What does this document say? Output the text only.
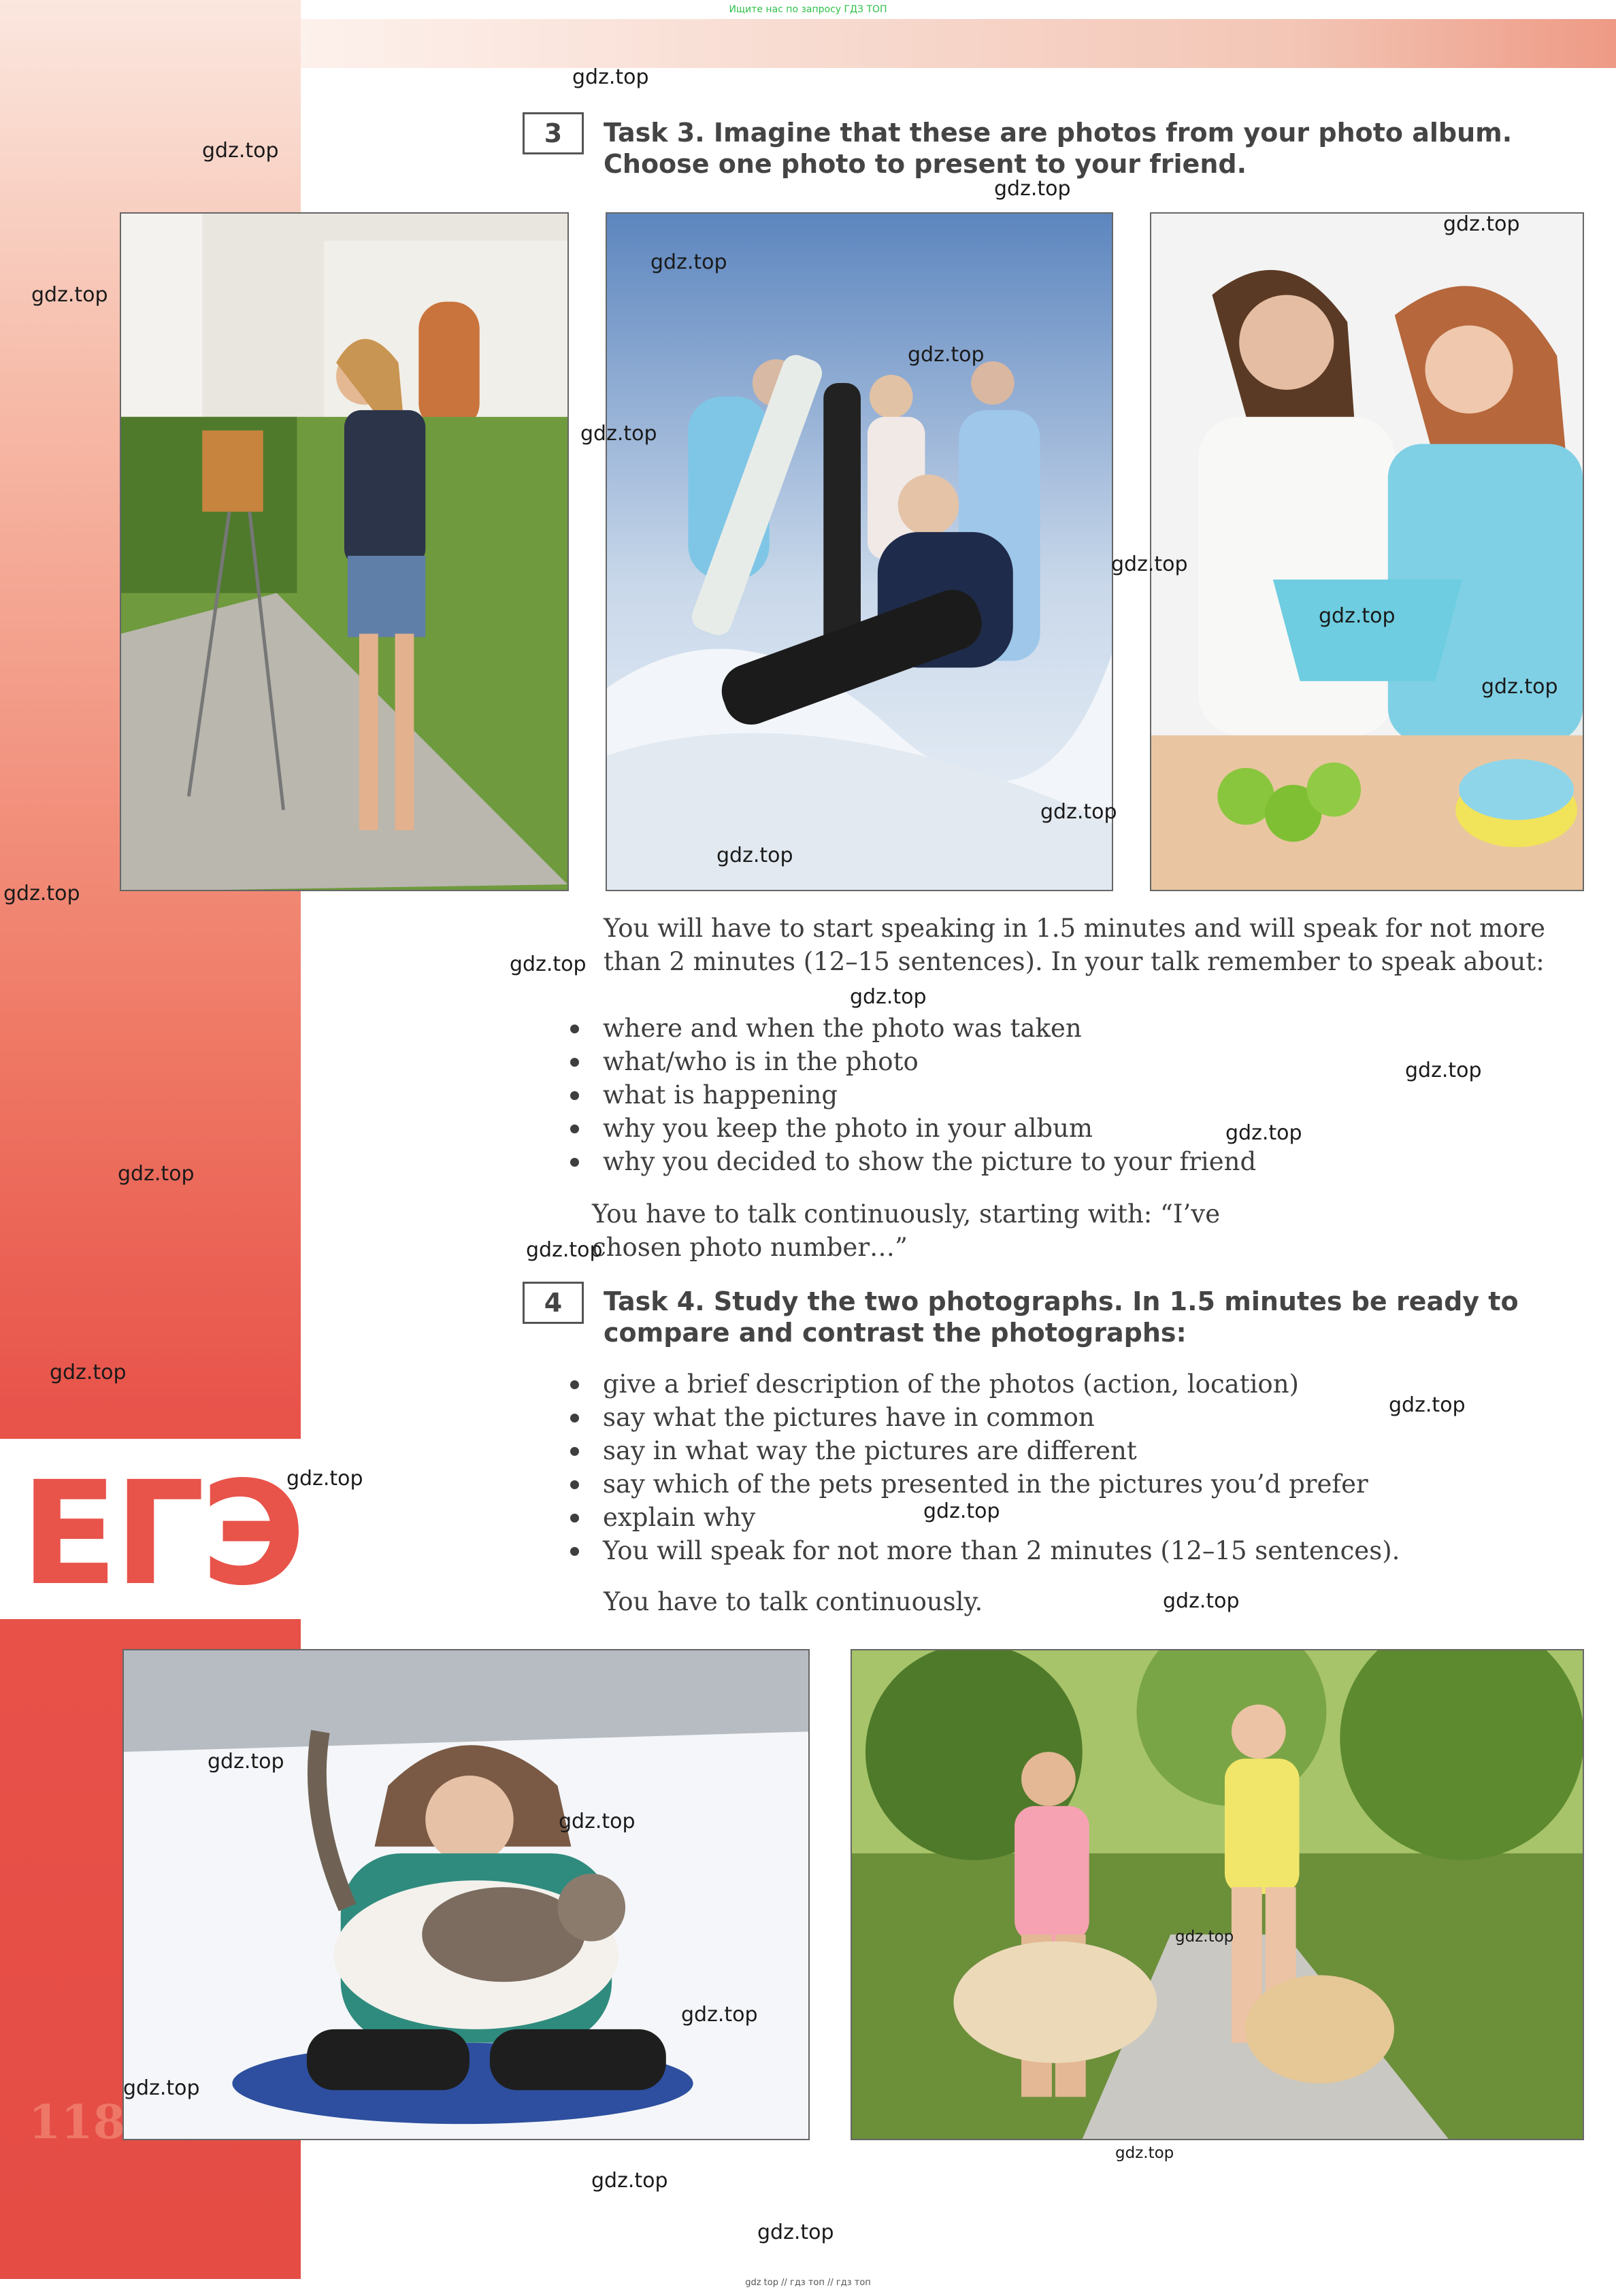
ЕГЭ
Ищите нас по запросу ГДЗ ТОП
3	Task 3. Imagine that these are photos from your photo album. Choose one photo to present to your friend.

You will have to start speaking in 1.5 minutes and will speak for not more than 2 minutes (12–15 sentences). In your talk remember to speak about:

where and when the photo was taken
what/who is in the photo
what is happening
why you keep the photo in your album
why you decided to show the picture to your friend

You have to talk continuously, starting with: “I’ve chosen photo number…”

4	Task 4. Study the two photographs. In 1.5 minutes be ready to compare and contrast the photographs:

give a brief description of the photos (action, location)
say what the pictures have in common
say in what way the pictures are different
say which of the pets presented in the pictures you’d prefer
explain why
You will speak for not more than 2 minutes (12–15 sentences).

You have to talk continuously.

118

gdz top // гдз топ // гдз топ
gdz.top
gdz.top
gdz.top
gdz.top
gdz.top
gdz.top
gdz.top
gdz.top
gdz.top
gdz.top
gdz.top
gdz.top
gdz.top
gdz.top
gdz.top
gdz.top
gdz.top
gdz.top
gdz.top
gdz.top
gdz.top
gdz.top
gdz.top
gdz.top
gdz.top
gdz.top
gdz.top
gdz.top
gdz.top
gdz.top
gdz.top
gdz.top
gdz.top
